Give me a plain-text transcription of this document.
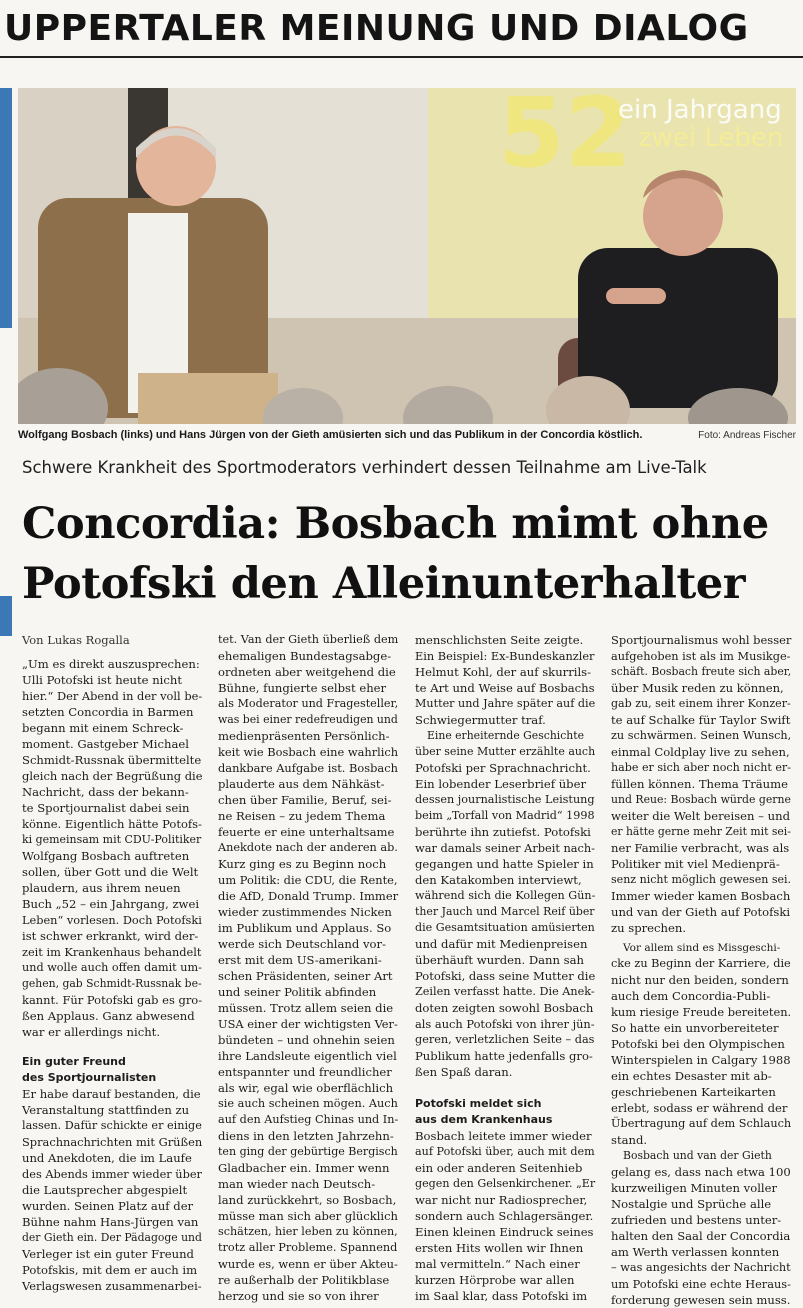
UPPERTALER MEINUNG UND DIALOG
52
ein Jahrgang
zwei Leben
Wolfgang Bosbach (links) und Hans Jürgen von der Gieth amüsierten sich und das Publikum in der Concordia köstlich.	Foto: Andreas Fischer
Schwere Krankheit des Sportmoderators verhindert dessen Teilnahme am Live-Talk
Concordia: Bosbach mimt ohne
Potofski den Alleinunterhalter
Von Lukas Rogalla
„Um es direkt auszusprechen:
Ulli Potofski ist heute nicht
hier.“ Der Abend in der voll be-
setzten Concordia in Barmen
begann mit einem Schreck-
moment. Gastgeber Michael
Schmidt-Russnak übermittelte
gleich nach der Begrüßung die
Nachricht, dass der bekann-
te Sportjournalist dabei sein
könne. Eigentlich hätte Potofs-
ki gemeinsam mit CDU-Politiker
Wolfgang Bosbach auftreten
sollen, über Gott und die Welt
plaudern, aus ihrem neuen
Buch „52 – ein Jahrgang, zwei
Leben“ vorlesen. Doch Potofski
ist schwer erkrankt, wird der-
zeit im Krankenhaus behandelt
und wolle auch offen damit um-
gehen, gab Schmidt-Russnak be-
kannt. Für Potofski gab es gro-
ßen Applaus. Ganz abwesend
war er allerdings nicht.
Ein guter Freund
des Sportjournalisten
Er habe darauf bestanden, die
Veranstaltung stattfinden zu
lassen. Dafür schickte er einige
Sprachnachrichten mit Grüßen
und Anekdoten, die im Laufe
des Abends immer wieder über
die Lautsprecher abgespielt
wurden. Seinen Platz auf der
Bühne nahm Hans-Jürgen van
der Gieth ein. Der Pädagoge und
Verleger ist ein guter Freund
Potofskis, mit dem er auch im
Verlagswesen zusammenarbei-
tet. Van der Gieth überließ dem
ehemaligen Bundestagsabge-
ordneten aber weitgehend die
Bühne, fungierte selbst eher
als Moderator und Fragesteller,
was bei einer redefreudigen und
medienpräsenten Persönlich-
keit wie Bosbach eine wahrlich
dankbare Aufgabe ist. Bosbach
plauderte aus dem Nähkäst-
chen über Familie, Beruf, sei-
ne Reisen – zu jedem Thema
feuerte er eine unterhaltsame
Anekdote nach der anderen ab.
Kurz ging es zu Beginn noch
um Politik: die CDU, die Rente,
die AfD, Donald Trump. Immer
wieder zustimmendes Nicken
im Publikum und Applaus. So
werde sich Deutschland vor-
erst mit dem US-amerikani-
schen Präsidenten, seiner Art
und seiner Politik abfinden
müssen. Trotz allem seien die
USA einer der wichtigsten Ver-
bündeten – und ohnehin seien
ihre Landsleute eigentlich viel
entspannter und freundlicher
als wir, egal wie oberflächlich
sie auch scheinen mögen. Auch
auf den Aufstieg Chinas und In-
diens in den letzten Jahrzehn-
ten ging der gebürtige Bergisch
Gladbacher ein. Immer wenn
man wieder nach Deutsch-
land zurückkehrt, so Bosbach,
müsse man sich aber glücklich
schätzen, hier leben zu können,
trotz aller Probleme. Spannend
wurde es, wenn er über Akteu-
re außerhalb der Politikblase
herzog und sie so von ihrer
menschlichsten Seite zeigte.
Ein Beispiel: Ex-Bundeskanzler
Helmut Kohl, der auf skurrils-
te Art und Weise auf Bosbachs
Mutter und Jahre später auf die
Schwiegermutter traf.
Eine erheiternde Geschichte
über seine Mutter erzählte auch
Potofski per Sprachnachricht.
Ein lobender Leserbrief über
dessen journalistische Leistung
beim „Torfall von Madrid“ 1998
berührte ihn zutiefst. Potofski
war damals seiner Arbeit nach-
gegangen und hatte Spieler in
den Katakomben interviewt,
während sich die Kollegen Gün-
ther Jauch und Marcel Reif über
die Gesamtsituation amüsierten
und dafür mit Medienpreisen
überhäuft wurden. Dann sah
Potofski, dass seine Mutter die
Zeilen verfasst hatte. Die Anek-
doten zeigten sowohl Bosbach
als auch Potofski von ihrer jün-
geren, verletzlichen Seite – das
Publikum hatte jedenfalls gro-
ßen Spaß daran.
Potofski meldet sich
aus dem Krankenhaus
Bosbach leitete immer wieder
auf Potofski über, auch mit dem
ein oder anderen Seitenhieb
gegen den Gelsenkirchener. „Er
war nicht nur Radiosprecher,
sondern auch Schlagersänger.
Einen kleinen Eindruck seines
ersten Hits wollen wir Ihnen
mal vermitteln.“ Nach einer
kurzen Hörprobe war allen
im Saal klar, dass Potofski im
Sportjournalismus wohl besser
aufgehoben ist als im Musikge-
schäft. Bosbach freute sich aber,
über Musik reden zu können,
gab zu, seit einem ihrer Konzer-
te auf Schalke für Taylor Swift
zu schwärmen. Seinen Wunsch,
einmal Coldplay live zu sehen,
habe er sich aber noch nicht er-
füllen können. Thema Träume
und Reue: Bosbach würde gerne
weiter die Welt bereisen – und
er hätte gerne mehr Zeit mit sei-
ner Familie verbracht, was als
Politiker mit viel Medienprä-
senz nicht möglich gewesen sei.
Immer wieder kamen Bosbach
und van der Gieth auf Potofski
zu sprechen.
Vor allem sind es Missgeschi-
cke zu Beginn der Karriere, die
nicht nur den beiden, sondern
auch dem Concordia-Publi-
kum riesige Freude bereiteten.
So hatte ein unvorbereiteter
Potofski bei den Olympischen
Winterspielen in Calgary 1988
ein echtes Desaster mit ab-
geschriebenen Karteikarten
erlebt, sodass er während der
Übertragung auf dem Schlauch
stand.
Bosbach und van der Gieth
gelang es, dass nach etwa 100
kurzweiligen Minuten voller
Nostalgie und Sprüche alle
zufrieden und bestens unter-
halten den Saal der Concordia
am Werth verlassen konnten
– was angesichts der Nachricht
um Potofski eine echte Heraus-
forderung gewesen sein muss.
